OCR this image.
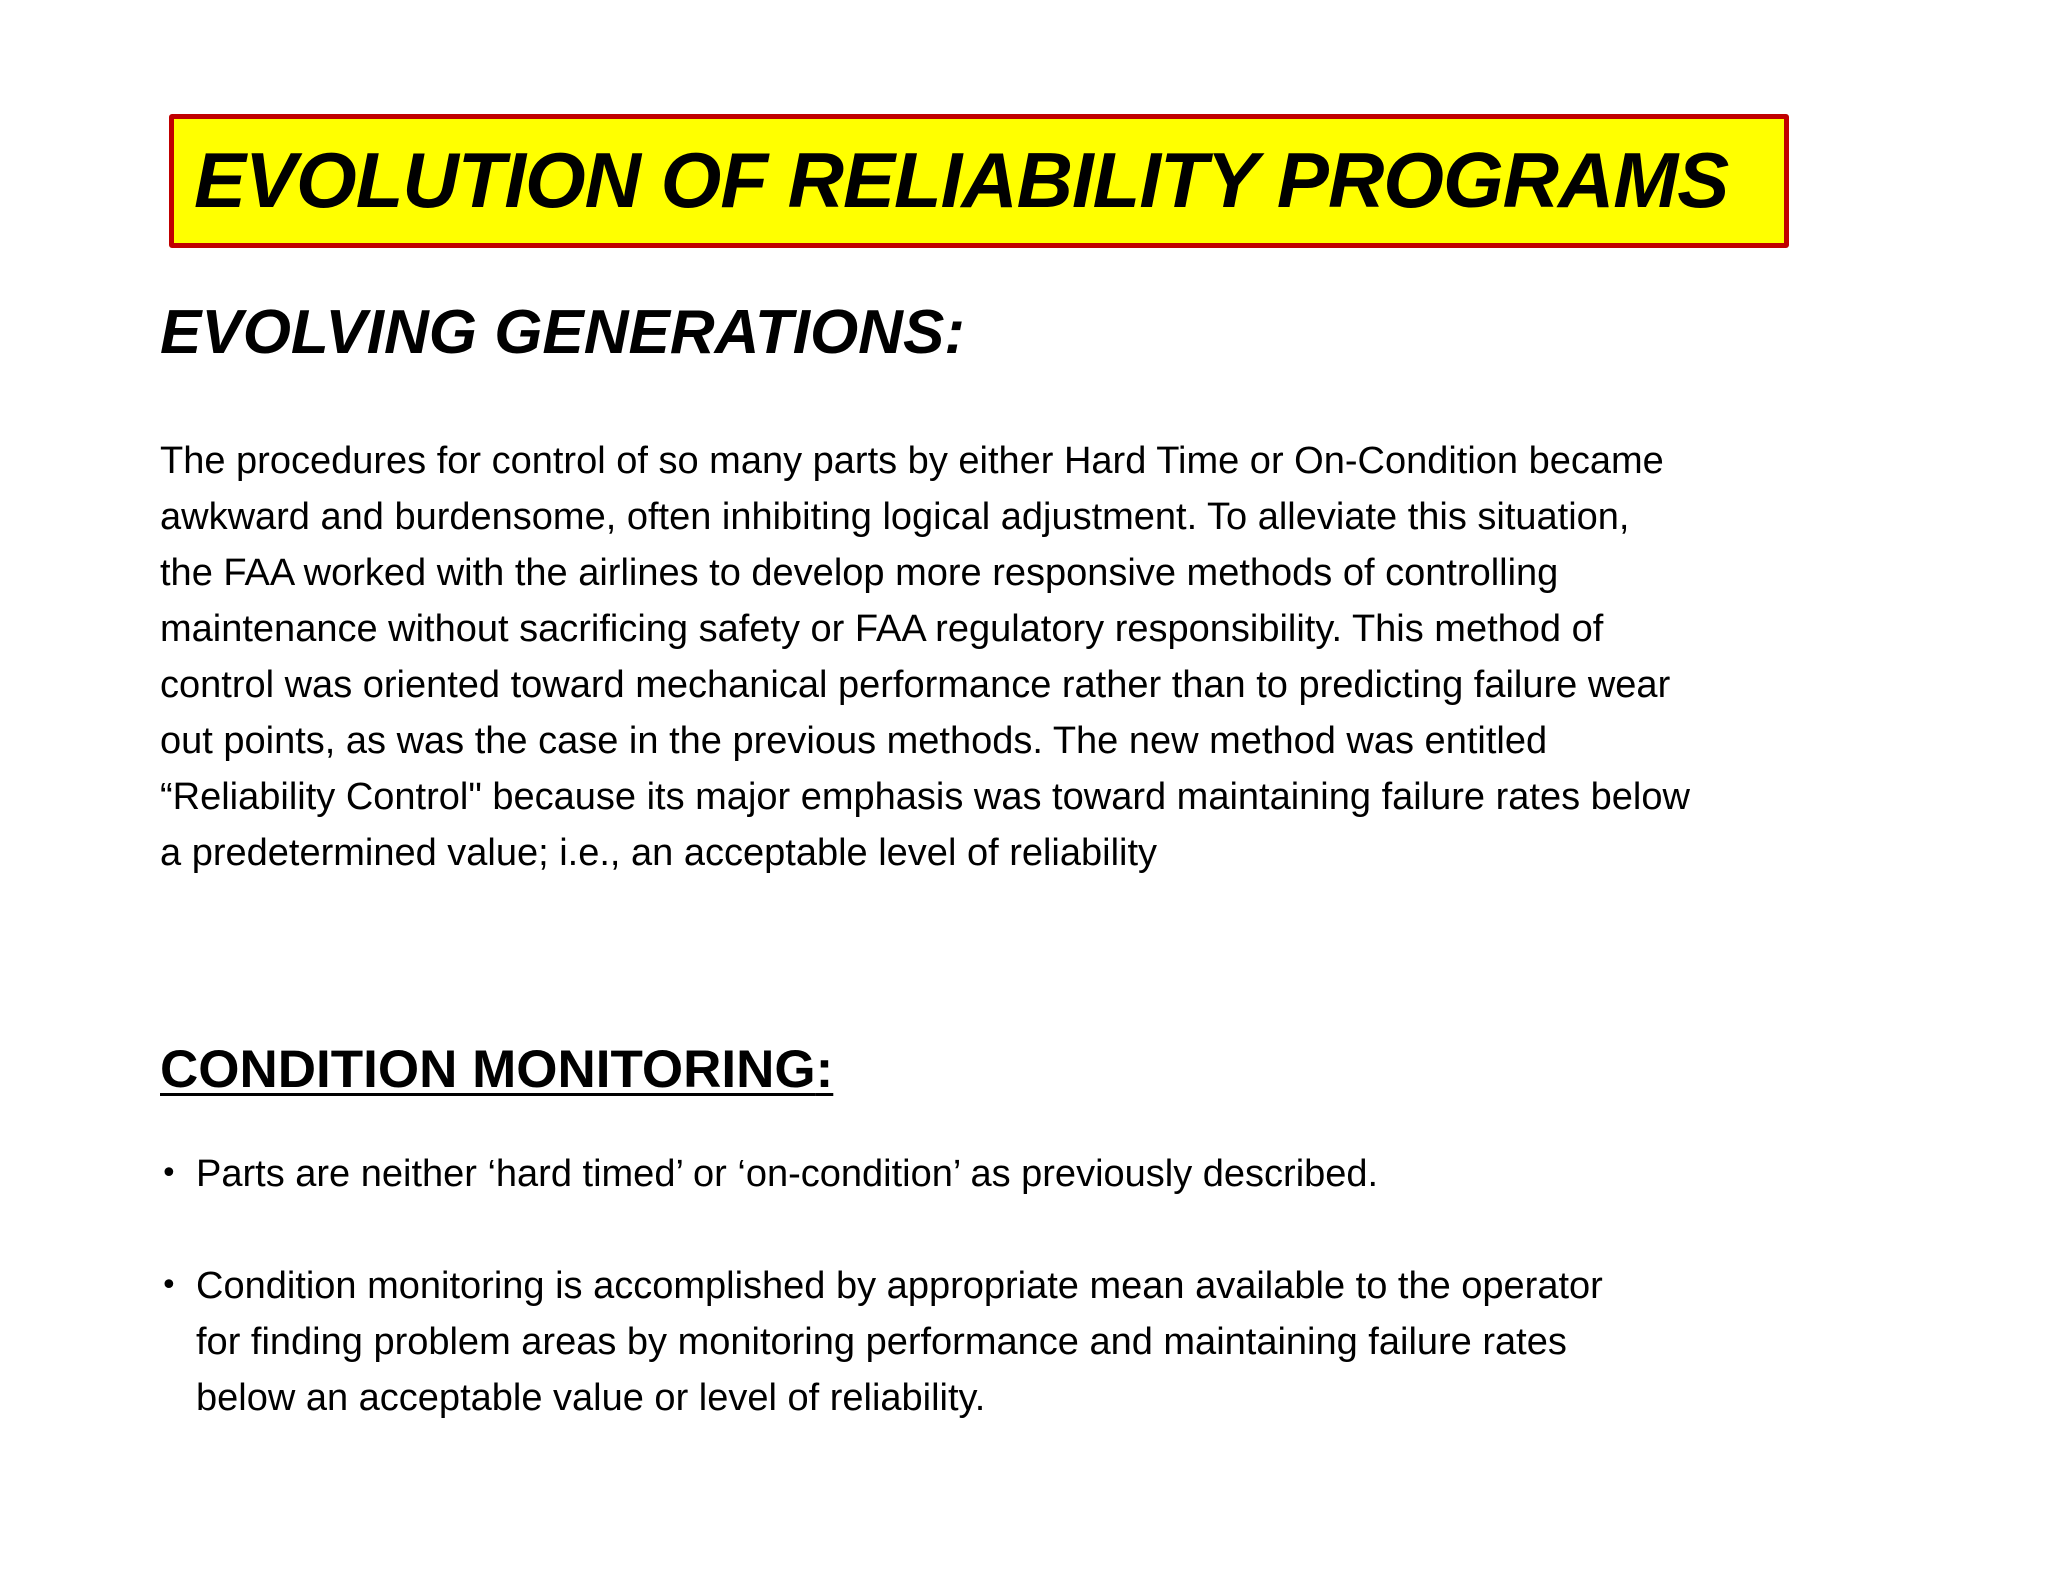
EVOLUTION OF RELIABILITY PROGRAMS
EVOLVING GENERATIONS:
The procedures for control of so many parts by either Hard Time or On-Condition became
awkward and burdensome, often inhibiting logical adjustment. To alleviate this situation,
the FAA worked with the airlines to develop more responsive methods of controlling
maintenance without sacrificing safety or FAA regulatory responsibility. This method of
control was oriented toward mechanical performance rather than to predicting failure wear
out points, as was the case in the previous methods. The new method was entitled
“Reliability Control" because its major emphasis was toward maintaining failure rates below
a predetermined value; i.e., an acceptable level of reliability
CONDITION MONITORING:
• Parts are neither ‘hard timed’ or ‘on-condition’ as previously described.
• Condition monitoring is accomplished by appropriate mean available to the operator
for finding problem areas by monitoring performance and maintaining failure rates
below an acceptable value or level of reliability.
